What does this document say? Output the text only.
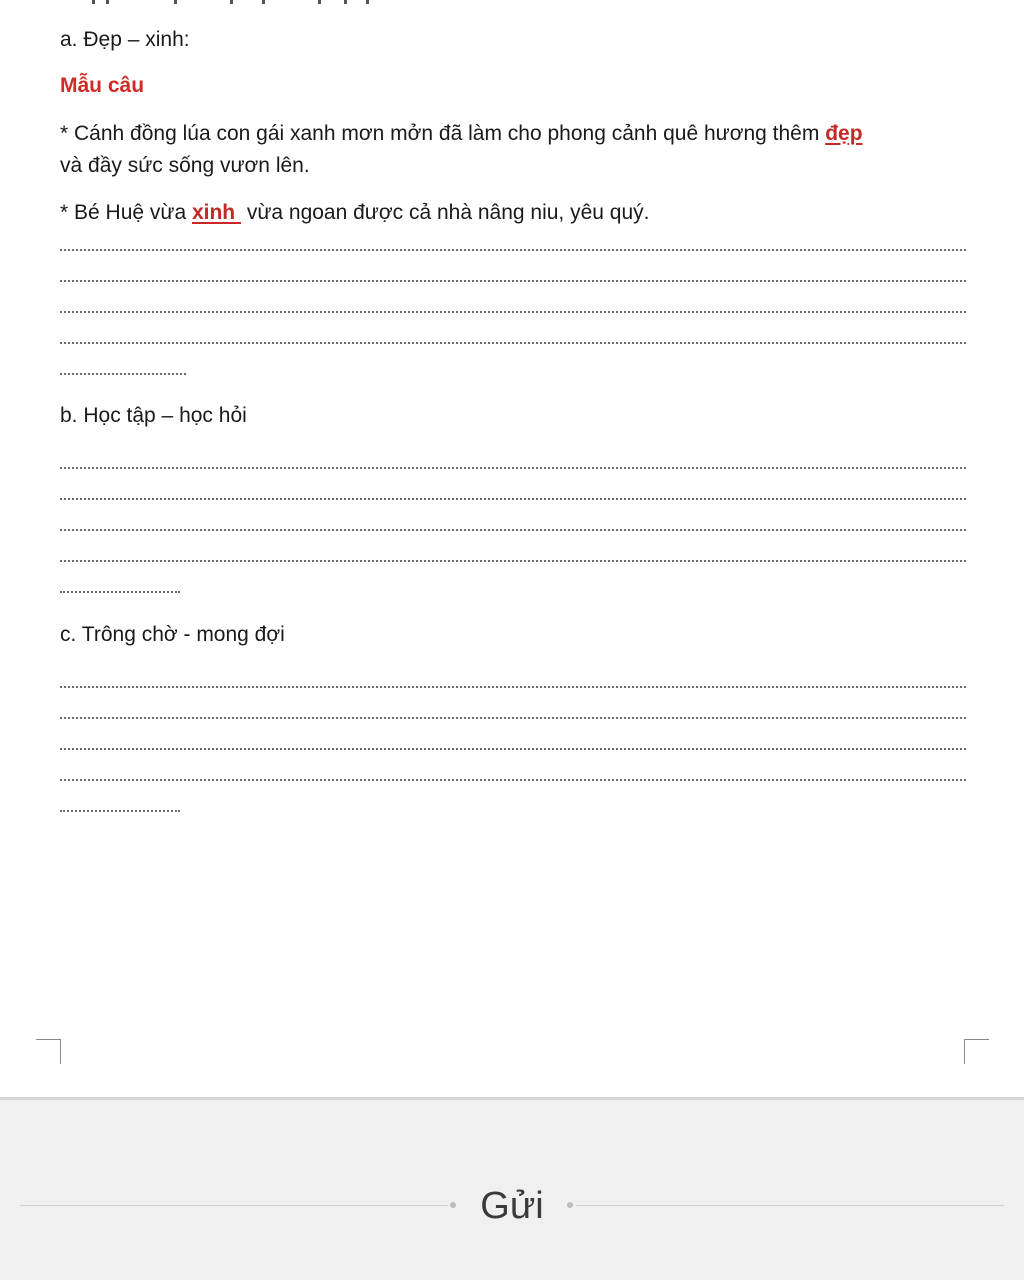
a. Đẹp – xinh:

Mẫu câu

* Cánh đồng lúa con gái xanh mơn mởn đã làm cho phong cảnh quê hương thêm đẹp

và đầy sức sống vươn lên.

* Bé Huệ vừa xinh  vừa ngoan được cả nhà nâng niu, yêu quý.

b. Học tập – học hỏi

c. Trông chờ - mong đợi

Gửi
